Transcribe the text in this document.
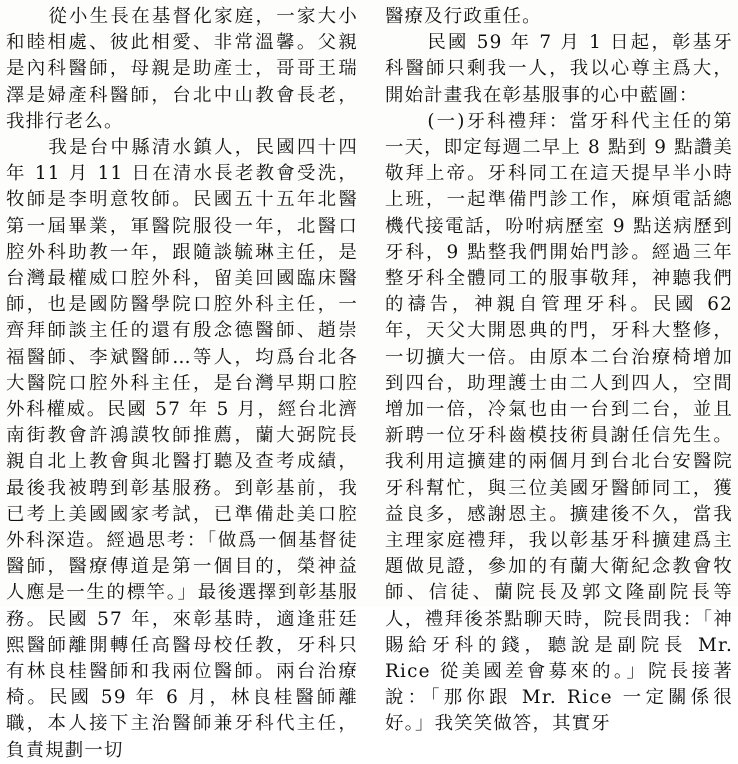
從小生長在基督化家庭，一家大小和睦相處、彼此相愛、非常溫馨。父親是內科醫師，母親是助產士，哥哥王瑞澤是婦產科醫師，台北中山教會長老，我排行老么。

我是台中縣清水鎮人，民國四十四年 11 月 11 日在清水長老教會受洗，牧師是李明意牧師。民國五十五年北醫第一屆畢業，軍醫院服役一年，北醫口腔外科助教一年，跟隨談毓琳主任，是台灣最權威口腔外科，留美回國臨床醫師，也是國防醫學院口腔外科主任，一齊拜師談主任的還有殷念德醫師、趙崇福醫師、李斌醫師…等人，均爲台北各大醫院口腔外科主任，是台灣早期口腔外科權威。民國 57 年 5 月，經台北濟南街教會許鴻謨牧師推薦，蘭大弼院長親自北上教會與北醫打聽及查考成績，最後我被聘到彰基服務。到彰基前，我已考上美國國家考試，已準備赴美口腔外科深造。經過思考：「做爲一個基督徒醫師，醫療傳道是第一個目的，榮神益人應是一生的標竿。」最後選擇到彰基服務。民國 57 年，來彰基時，適逢莊廷熙醫師離開轉任高醫母校任教，牙科只有林良桂醫師和我兩位醫師。兩台治療椅。民國 59 年 6 月，林良桂醫師離職，本人接下主治醫師兼牙科代主任，負責規劃一切

醫療及行政重任。

民國 59 年 7 月 1 日起，彰基牙科醫師只剩我一人，我以心尊主爲大，開始計畫我在彰基服事的心中藍圖：

(一)牙科禮拜：當牙科代主任的第一天，即定每週二早上 8 點到 9 點讚美敬拜上帝。牙科同工在這天提早半小時上班，一起準備門診工作，麻煩電話總機代接電話，吩咐病歷室 9 點送病歷到牙科，9 點整我們開始門診。經過三年整牙科全體同工的服事敬拜，神聽我們的禱告，神親自管理牙科。民國 62 年，天父大開恩典的門，牙科大整修，一切擴大一倍。由原本二台治療椅增加到四台，助理護士由二人到四人，空間增加一倍，冷氣也由一台到二台，並且新聘一位牙科齒模技術員謝任信先生。我利用這擴建的兩個月到台北台安醫院牙科幫忙，與三位美國牙醫師同工，獲益良多，感謝恩主。擴建後不久，當我主理家庭禮拜，我以彰基牙科擴建爲主題做見證，參加的有蘭大衛紀念教會牧師、信徒、蘭院長及郭文隆副院長等人，禮拜後茶點聊天時，院長問我：「神賜給牙科的錢，聽說是副院長 Mr. Rice 從美國差會募來的。」院長接著說：「那你跟 Mr. Rice 一定關係很好。」我笑笑做答，其實牙
